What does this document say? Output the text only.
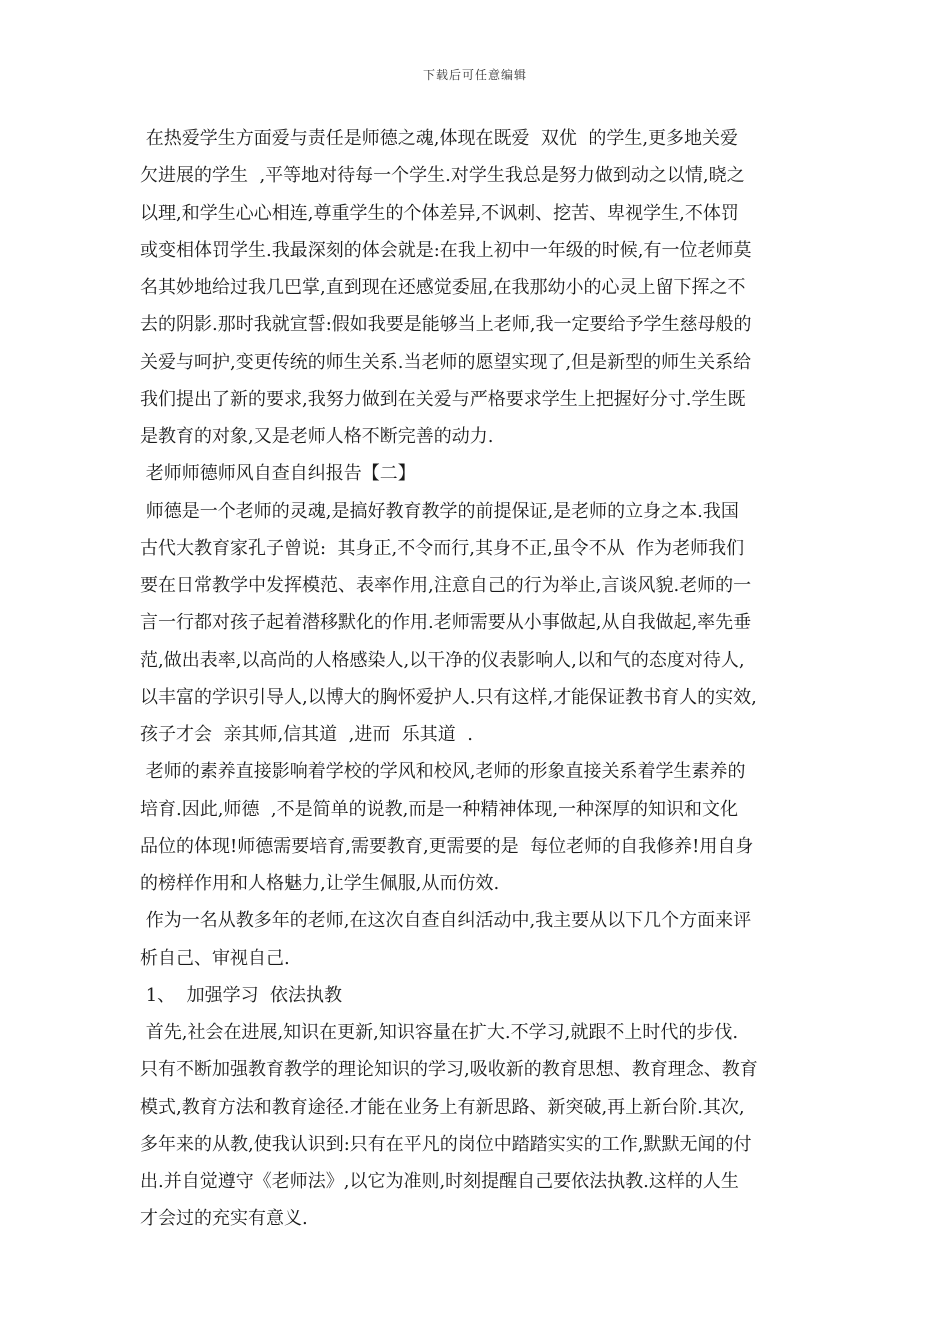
下载后可任意编辑
在热爱学生方面爱与责任是师德之魂,体现在既爱  双优  的学生,更多地关爱
欠进展的学生  ,平等地对待每一个学生.对学生我总是努力做到动之以情,晓之
以理,和学生心心相连,尊重学生的个体差异,不讽刺、挖苦、卑视学生,不体罚
或变相体罚学生.我最深刻的体会就是:在我上初中一年级的时候,有一位老师莫
名其妙地给过我几巴掌,直到现在还感觉委屈,在我那幼小的心灵上留下挥之不
去的阴影.那时我就宣誓:假如我要是能够当上老师,我一定要给予学生慈母般的
关爱与呵护,变更传统的师生关系.当老师的愿望实现了,但是新型的师生关系给
我们提出了新的要求,我努力做到在关爱与严格要求学生上把握好分寸.学生既
是教育的对象,又是老师人格不断完善的动力.
老师师德师风自查自纠报告【二】
师德是一个老师的灵魂,是搞好教育教学的前提保证,是老师的立身之本.我国
古代大教育家孔子曾说:  其身正,不令而行,其身不正,虽令不从  作为老师我们
要在日常教学中发挥模范、表率作用,注意自己的行为举止,言谈风貌.老师的一
言一行都对孩子起着潜移默化的作用.老师需要从小事做起,从自我做起,率先垂
范,做出表率,以高尚的人格感染人,以干净的仪表影响人,以和气的态度对待人,
以丰富的学识引导人,以博大的胸怀爱护人.只有这样,才能保证教书育人的实效,
孩子才会  亲其师,信其道  ,进而  乐其道  .
老师的素养直接影响着学校的学风和校风,老师的形象直接关系着学生素养的
培育.因此,师德  ,不是简单的说教,而是一种精神体现,一种深厚的知识和文化
品位的体现!师德需要培育,需要教育,更需要的是  每位老师的自我修养!用自身
的榜样作用和人格魅力,让学生佩服,从而仿效.
作为一名从教多年的老师,在这次自查自纠活动中,我主要从以下几个方面来评
析自己、审视自己.
1、  加强学习  依法执教
首先,社会在进展,知识在更新,知识容量在扩大.不学习,就跟不上时代的步伐.
只有不断加强教育教学的理论知识的学习,吸收新的教育思想、教育理念、教育
模式,教育方法和教育途径.才能在业务上有新思路、新突破,再上新台阶.其次,
多年来的从教,使我认识到:只有在平凡的岗位中踏踏实实的工作,默默无闻的付
出.并自觉遵守《老师法》,以它为准则,时刻提醒自己要依法执教.这样的人生
才会过的充实有意义.
